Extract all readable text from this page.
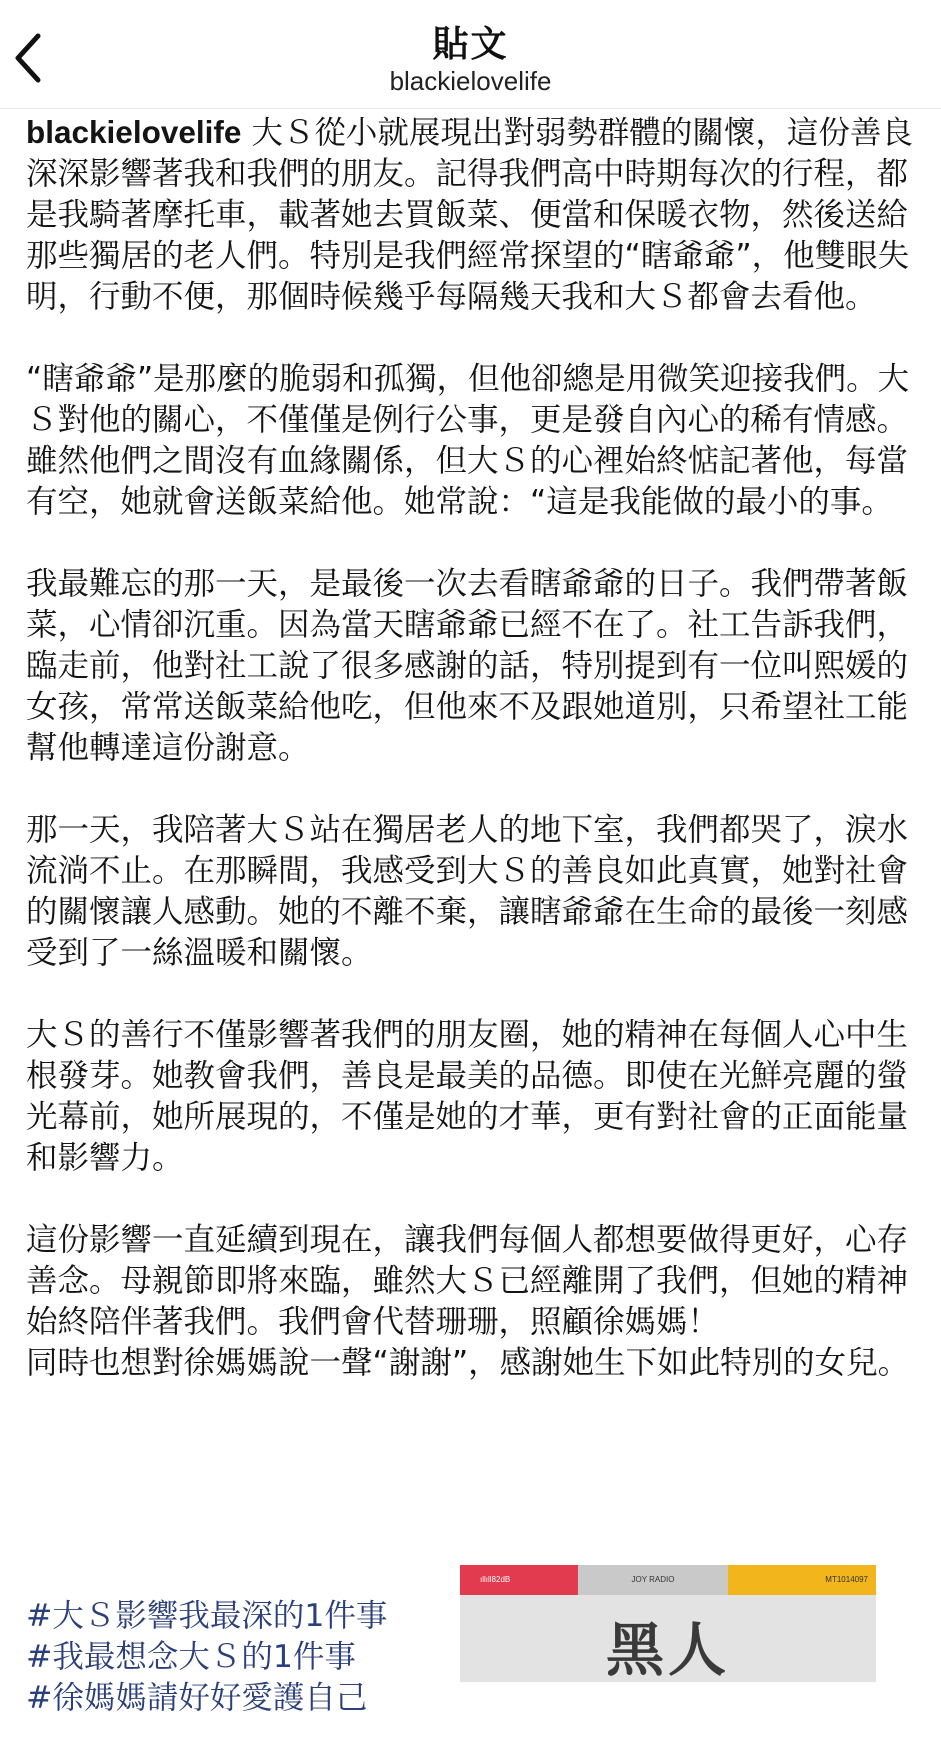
貼文
blackielovelife

blackielovelife 大Ｓ從小就展現出對弱勢群體的關懷，這份善良深深影響著我和我們的朋友。記得我們高中時期每次的行程，都是我騎著摩托車，載著她去買飯菜、便當和保暖衣物，然後送給那些獨居的老人們。特別是我們經常探望的“瞎爺爺”，他雙眼失明，行動不便，那個時候幾乎每隔幾天我和大Ｓ都會去看他。

“瞎爺爺”是那麼的脆弱和孤獨，但他卻總是用微笑迎接我們。大Ｓ對他的關心，不僅僅是例行公事，更是發自內心的稀有情感。雖然他們之間沒有血緣關係，但大Ｓ的心裡始終惦記著他，每當有空，她就會送飯菜給他。她常說：“這是我能做的最小的事。

我最難忘的那一天，是最後一次去看瞎爺爺的日子。我們帶著飯菜，心情卻沉重。因為當天瞎爺爺已經不在了。社工告訴我們，臨走前，他對社工說了很多感謝的話，特別提到有一位叫熙媛的女孩，常常送飯菜給他吃，但他來不及跟她道別，只希望社工能幫他轉達這份謝意。

那一天，我陪著大Ｓ站在獨居老人的地下室，我們都哭了，淚水流淌不止。在那瞬間，我感受到大Ｓ的善良如此真實，她對社會的關懷讓人感動。她的不離不棄，讓瞎爺爺在生命的最後一刻感受到了一絲溫暖和關懷。

大Ｓ的善行不僅影響著我們的朋友圈，她的精神在每個人心中生根發芽。她教會我們，善良是最美的品德。即使在光鮮亮麗的螢光幕前，她所展現的，不僅是她的才華，更有對社會的正面能量和影響力。

這份影響一直延續到現在，讓我們每個人都想要做得更好，心存善念。母親節即將來臨，雖然大Ｓ已經離開了我們，但她的精神始終陪伴著我們。我們會代替珊珊，照顧徐媽媽！

同時也想對徐媽媽說一聲“謝謝”，感謝她生下如此特別的女兒。

#大Ｓ影響我最深的1件事
#我最想念大Ｓ的1件事
#徐媽媽請好好愛護自己
ıllıll82dB	JOY RADIO	MT1014097
黑人
